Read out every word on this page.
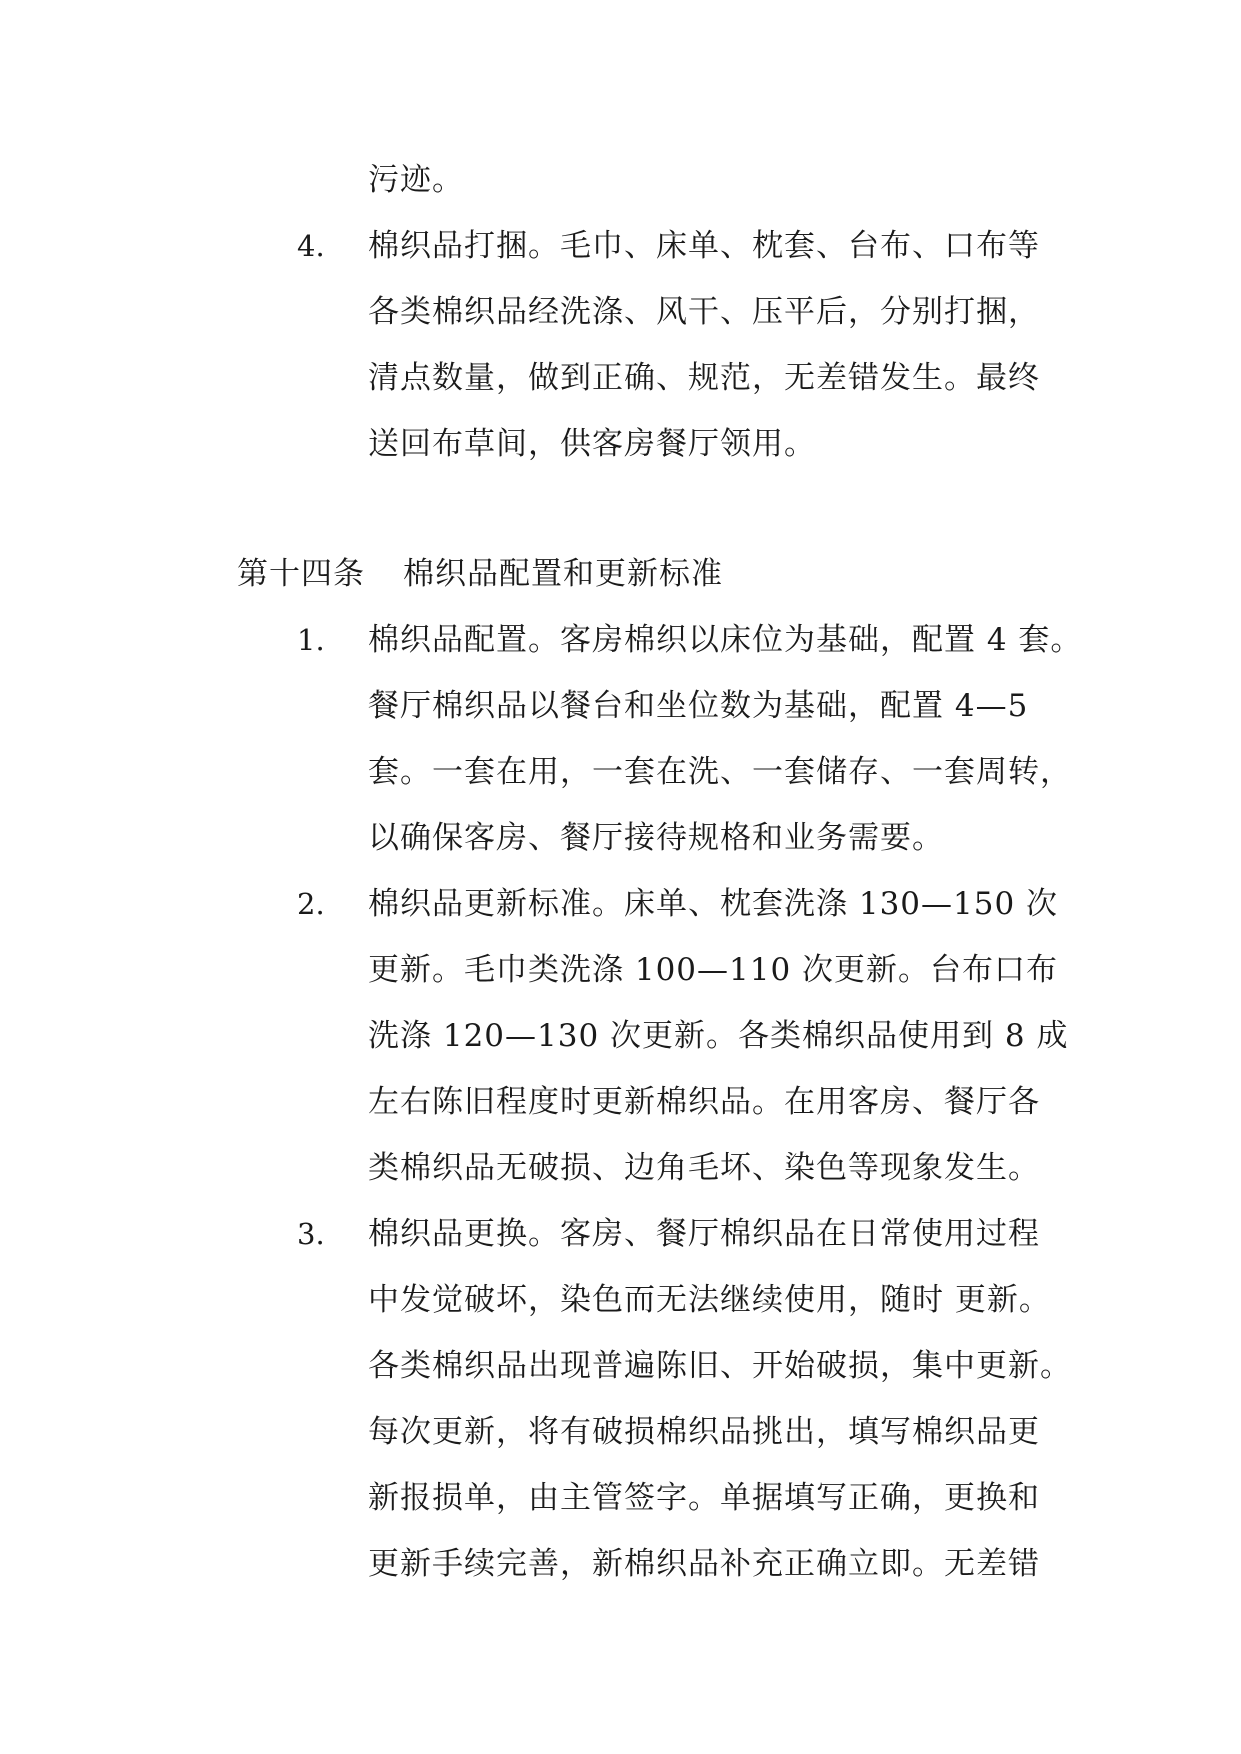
污迹。
4. 棉织品打捆。毛巾、床单、枕套、台布、口布等
各类棉织品经洗涤、风干、压平后，分别打捆，
清点数量，做到正确、规范，无差错发生。最终
送回布草间，供客房餐厅领用。
第十四条 棉织品配置和更新标准
1. 棉织品配置。客房棉织以床位为基础，配置 4 套。
餐厅棉织品以餐台和坐位数为基础，配置 4—5
套。一套在用，一套在洗、一套储存、一套周转，
以确保客房、餐厅接待规格和业务需要。
2. 棉织品更新标准。床单、枕套洗涤 130—150 次
更新。毛巾类洗涤 100—110 次更新。台布口布
洗涤 120—130 次更新。各类棉织品使用到 8 成
左右陈旧程度时更新棉织品。在用客房、餐厅各
类棉织品无破损、边角毛坏、染色等现象发生。
3. 棉织品更换。客房、餐厅棉织品在日常使用过程
中发觉破坏，染色而无法继续使用，随时 更新。
各类棉织品出现普遍陈旧、开始破损，集中更新。
每次更新，将有破损棉织品挑出，填写棉织品更
新报损单，由主管签字。单据填写正确，更换和
更新手续完善，新棉织品补充正确立即。无差错
